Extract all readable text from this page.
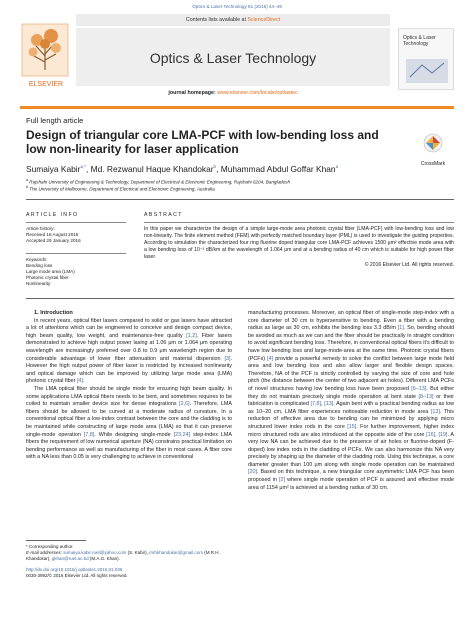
Optics & Laser Technology 81 (2016) 44–49
ELSEVIER
Contents lists available at ScienceDirect
Optics & Laser Technology
journal homepage: www.elsevier.com/locate/optlastec
Optics & Laser Technology
Full length article
Design of triangular core LMA-PCF with low-bending loss and low non-linearity for laser application
CrossMark
Sumaiya Kabir$^{a,*}$, Md. Rezwanul Haque Khandokar$^b$, Muhammad Abdul Goffar Khan$^a$
$^a$ Rajshahi University of Engineering & Technology, Department of Electrical & Electronic Engineering, Rajshahi 6204, Bangladesh
$^b$ The University of Melbourne, Department of Electrical and Electronic Engineering, Australia
ARTICLE INFO
Article history:
Received 18 August 2015
Accepted 29 January 2016
Keywords:
Bending loss
Large mode area (LMA)
Photonic crystal fiber
Nonlinearity
ABSTRACT
In this paper we characterize the design of a simple large-mode area photonic crystal fiber (LMA-PCF) with low-bending loss and low non-linearity. The finite element method (FEM) with perfectly matched boundary layer (PML) is used to investigate the guiding properties. According to simulation the characterized four ring fluorine doped triangular core LMA-PCF achieves 1500 μm² effective mode area with a low bending loss of 10⁻³ dB/km at the wavelength of 1.064 μm and at a bending radius of 40 cm which is suitable for high power fiber laser.
© 2016 Elsevier Ltd. All rights reserved.

1. Introduction

In recent years, optical fiber lasers compared to solid or gas lasers have attracted a lot of attentions which can be engineered to conceive and design compact device, high beam quality, low weight, and maintenance-free quality [1,2]. Fiber lasers demonstrated to achieve high output power lasing at 1.06 μm or 1.064 μm operating wavelength are increasingly preferred over 0.8 to 0.9 μm wavelength region due to considerable advantage of lower fiber attenuation and material dispersion [3]. However the high output power of fiber laser is restricted by increased nonlinearity and optical damage which can be improved by utilizing large mode area (LMA) photonic crystal fiber [4].

The LMA optical fiber should be single mode for ensuring high beam quality. In some applications LMA optical fibers needs to be bent, and sometimes requires to be coiled to maintain smaller device size for dense integrations [2,6]. Therefore, LMA fibers should be allowed to be curved at a moderate radius of curvature. In a conventional optical fiber a low-index contrast between the core and the cladding is to be maintained while constructing of large mode area (LMA) so that it can preserve single-mode operation [7,8]. While designing single-mode [23,24] step-index LMA fibers the requirement of low numerical aperture (NA) constrains practical limitation on bending performance as well as manufacturing of the fiber in most cases. A fiber core with a NA less than 0.05 is very challenging to achieve in conventional

manufacturing processes. Moreover, an optical fiber of single-mode step-index with a core diameter of 30 cm is hypersensitive to bending. Even a fiber with a bending radius as large as 30 cm, exhibits the bending loss 3.3 dB/m [1]. So, bending should be avoided as much as we can and the fiber should be practically in straight condition to avoid significant bending loss. Therefore, in conventional optical fibers it's difficult to have low bending loss and large-mode-area at the same time. Photonic crystal fibers (PCFs) [4] provide a powerful remedy to solve the conflict between large mode field area and low bending loss and also allow larger and flexible design spaces. Therefore, NA of the PCF is strictly controlled by varying the size of core and hole pitch (the distance between the center of two adjacent air holes). Different LMA PCFs of novel structures having low bending loss have been proposed [6–13]. But either they do not maintain precisely single mode operation at bent state [8–13] or their fabrication is complicated [7,8], [13]. Again bent with a practical bending radius as low as 10–20 cm, LMA fiber experiences noticeable reduction in mode area [13]. This reduction of effective area due to bending can be minimized by applying micro structured lower index rods in the core [15]. For further improvement, higher index micro structured rods are also introduced at the opposite side of the core [16], [19]. A very low NA can be achieved due to the presence of air holes or fluorine-doped (F-doped) low index rods in the cladding of PCFs. We can also harmonize this NA very precisely by shaping up the diameter of the cladding rods. Using this technique, a core diameter greater than 100 μm along with single mode operation can be maintained [20]. Based on this technique, a new triangular core asymmetric LMA PCF has been proposed in [2] where single mode operation of PCF is assured and effective mode area of 1154 μm² is achieved at a bending radius of 30 cm.

* Corresponding author.
E-mail addresses: sumaiya.kabir.ruet@yahoo.com (S. Kabir), mrhkhandokar@gmail.com (M.R.H. Khandokar), gkhan@ruet.ac.bd (M.A.G. Khan).
http://dx.doi.org/10.1016/j.optlastec.2016.01.036
0030-3992/© 2016 Elsevier Ltd. All rights reserved.
